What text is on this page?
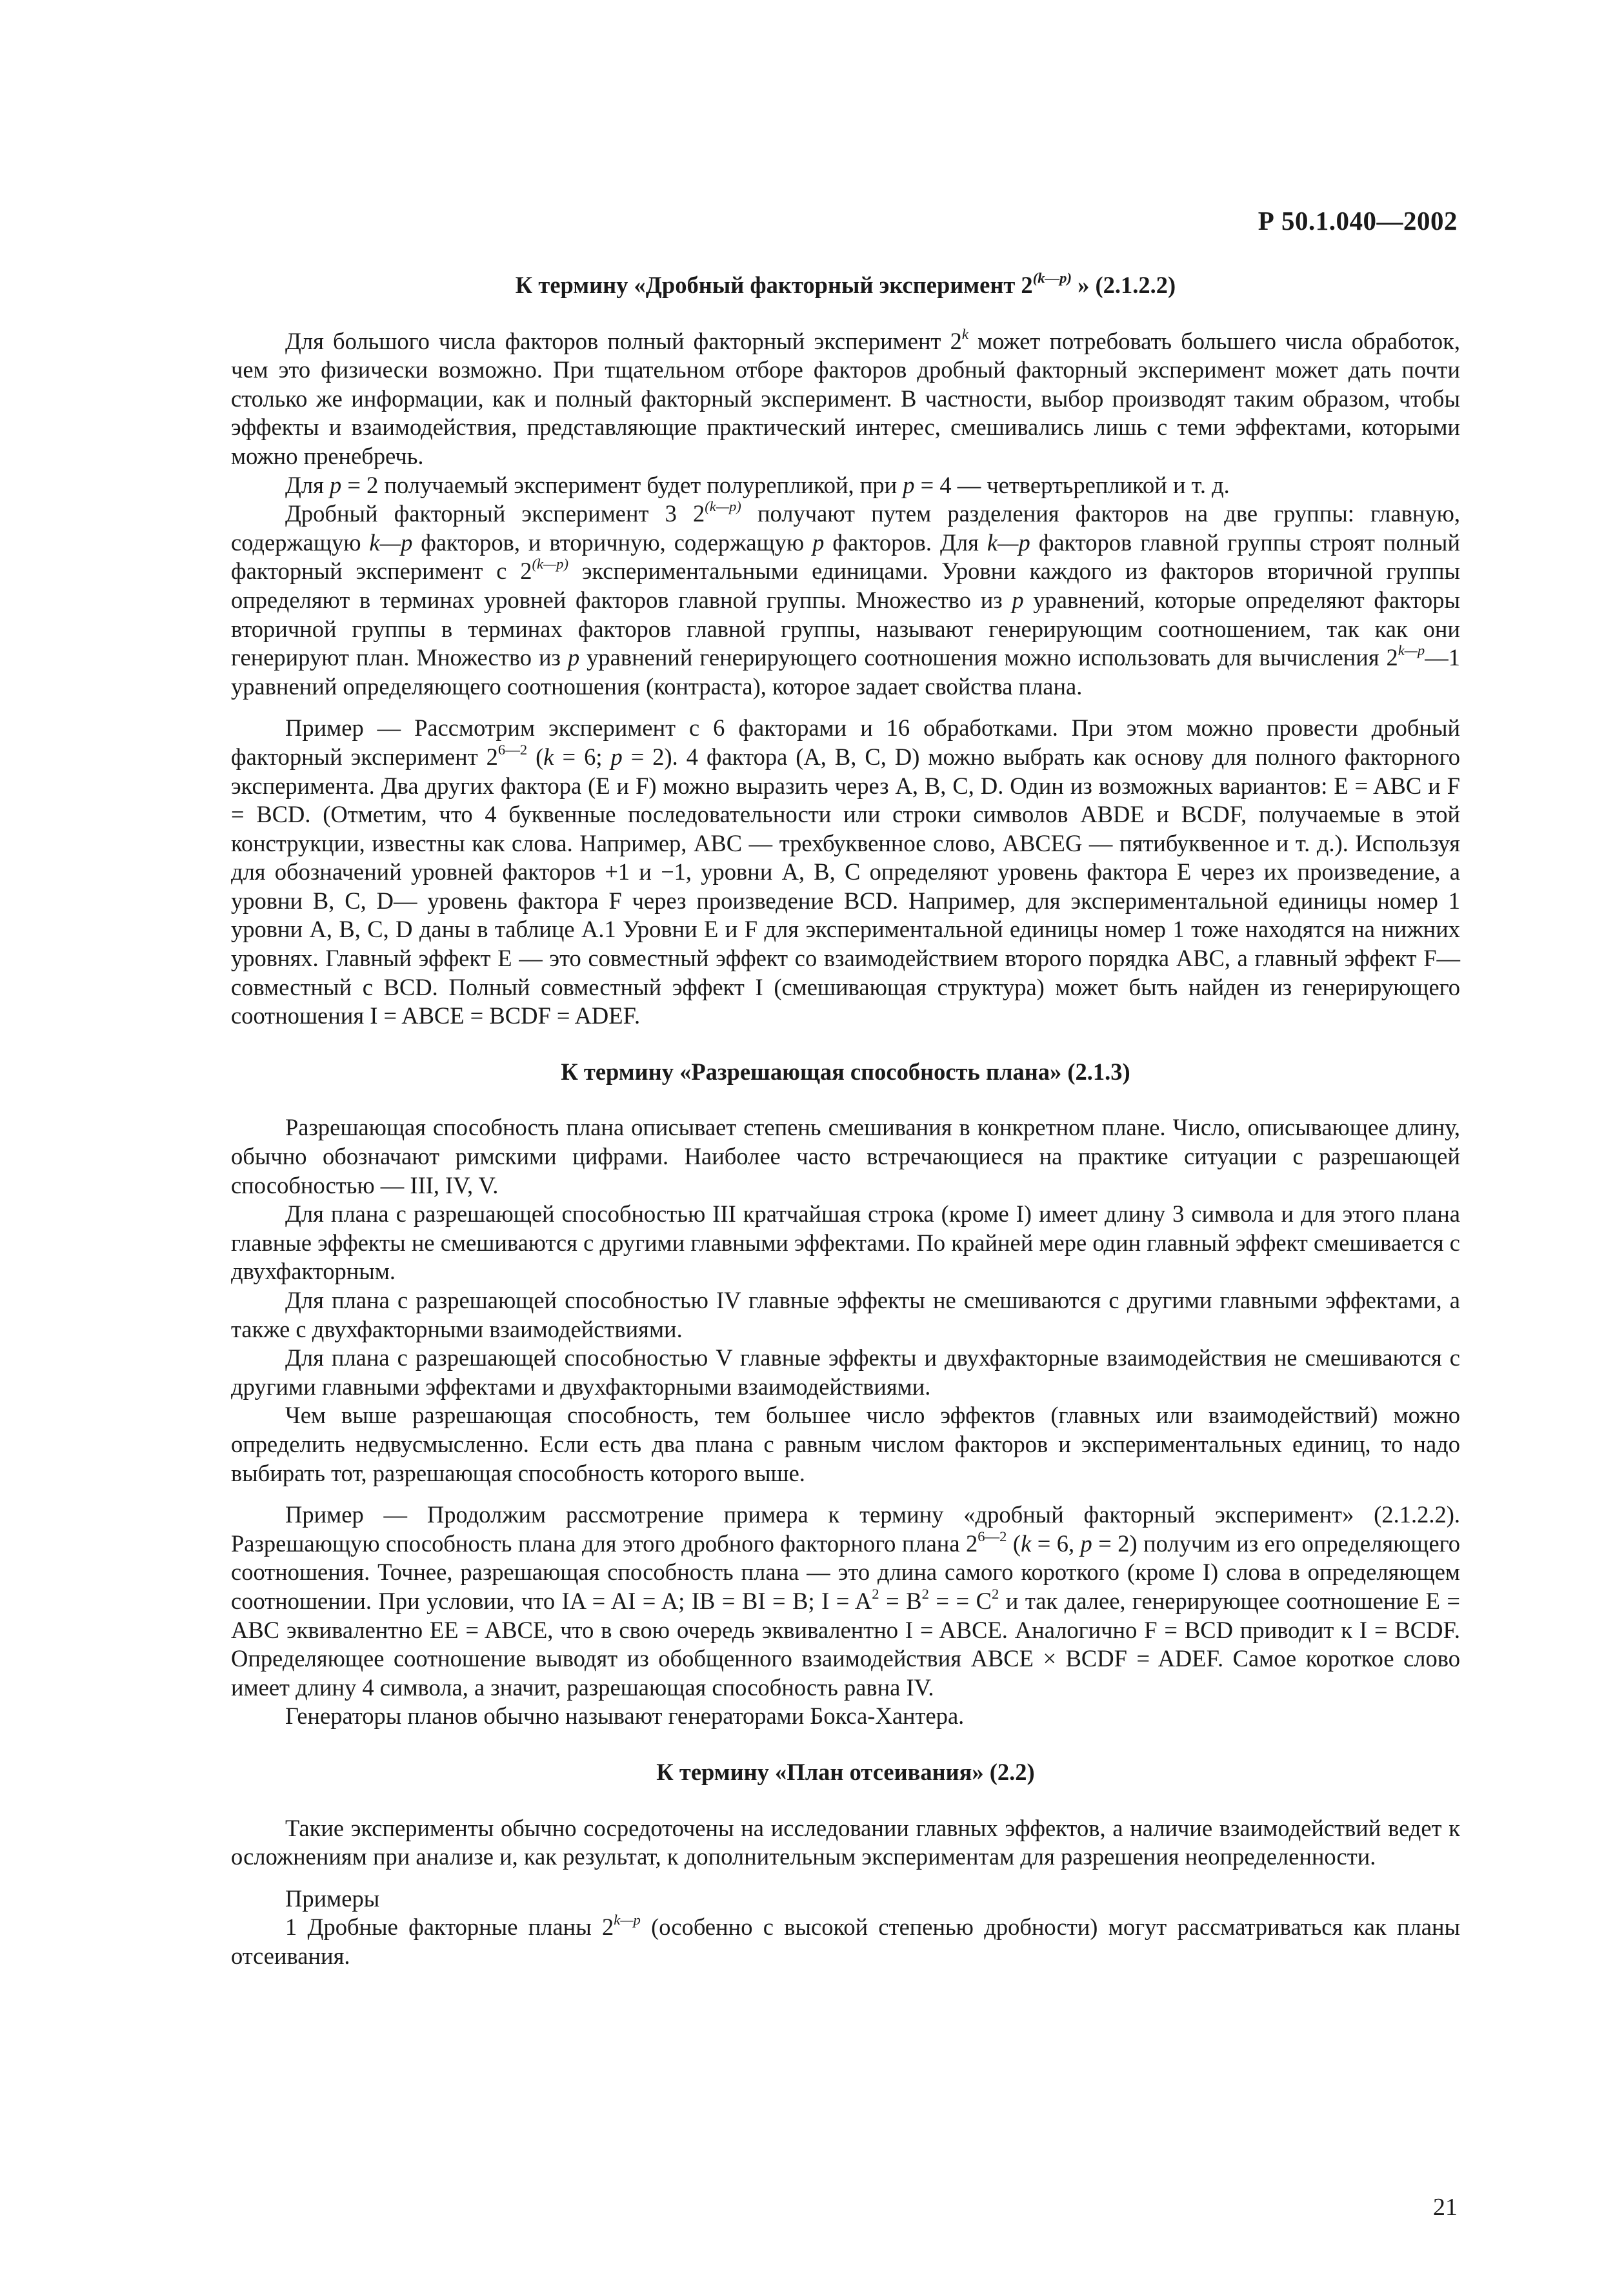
Р 50.1.040—2002
К термину «Дробный факторный эксперимент $2^{(k—p)}$ » (2.1.2.2)

Для большого числа факторов полный факторный эксперимент 2$^k$ может потребовать большего числа обработок, чем это физически возможно. При тщательном отборе факторов дробный факторный эксперимент может дать почти столько же информации, как и полный факторный эксперимент. В частности, выбор производят таким образом, чтобы эффекты и взаимодействия, представляющие практический интерес, смешивались лишь с теми эффектами, которыми можно пренебречь.

Для p = 2 получаемый эксперимент будет полурепликой, при p = 4 — четвертьрепликой и т. д.

Дробный факторный эксперимент 3 $2^{(k—p)}$ получают путем разделения факторов на две группы: главную, содержащую k—p факторов, и вторичную, содержащую p факторов. Для k—p факторов главной группы строят полный факторный эксперимент с $2^{(k—p)}$ экспериментальными единицами. Уровни каждого из факторов вторичной группы определяют в терминах уровней факторов главной группы. Множество из p уравнений, которые определяют факторы вторичной группы в терминах факторов главной группы, называют генерирующим соотношением, так как они генерируют план. Множество из p уравнений генерирующего соотношения можно использовать для вычисления $2^{k—p}—1$ уравнений определяющего соотношения (контраста), которое задает свойства плана.

Пример — Рассмотрим эксперимент с 6 факторами и 16 обработками. При этом можно провести дробный факторный эксперимент $2^{6—2}$ (k = 6; p = 2). 4 фактора (A, B, C, D) можно выбрать как основу для полного факторного эксперимента. Два других фактора (E и F) можно выразить через A, B, C, D. Один из возможных вариантов: E = ABC и F = BCD. (Отметим, что 4 буквенные последовательности или строки символов ABDE и BCDF, получаемые в этой конструкции, известны как слова. Например, ABC — трехбуквенное слово, ABCEG — пятибуквенное и т. д.). Используя для обозначений уровней факторов +1 и −1, уровни A, B, C определяют уровень фактора E через их произведение, а уровни B, C, D— уровень фактора F через произведение BCD. Например, для экспериментальной единицы номер 1 уровни A, B, C, D даны в таблице А.1 Уровни E и F для экспериментальной единицы номер 1 тоже находятся на нижних уровнях. Главный эффект E — это совместный эффект со взаимодействием второго порядка ABC, а главный эффект F— совместный с BCD. Полный совместный эффект I (смешивающая структура) может быть найден из генерирующего соотношения I = ABCE = BCDF = ADEF.

К термину «Разрешающая способность плана» (2.1.3)

Разрешающая способность плана описывает степень смешивания в конкретном плане. Число, описывающее длину, обычно обозначают римскими цифрами. Наиболее часто встречающиеся на практике ситуации с разрешающей способностью — III, IV, V.

Для плана с разрешающей способностью III кратчайшая строка (кроме I) имеет длину 3 символа и для этого плана главные эффекты не смешиваются с другими главными эффектами. По крайней мере один главный эффект смешивается с двухфакторным.

Для плана с разрешающей способностью IV главные эффекты не смешиваются с другими главными эффектами, а также с двухфакторными взаимодействиями.

Для плана с разрешающей способностью V главные эффекты и двухфакторные взаимодействия не смешиваются с другими главными эффектами и двухфакторными взаимодействиями.

Чем выше разрешающая способность, тем большее число эффектов (главных или взаимодействий) можно определить недвусмысленно. Если есть два плана с равным числом факторов и экспериментальных единиц, то надо выбирать тот, разрешающая способность которого выше.

Пример — Продолжим рассмотрение примера к термину «дробный факторный эксперимент» (2.1.2.2). Разрешающую способность плана для этого дробного факторного плана $2^{6—2}$ (k = 6, p = 2) получим из его определяющего соотношения. Точнее, разрешающая способность плана — это длина самого короткого (кроме I) слова в определяющем соотношении. При условии, что IA = AI = A; IB = BI = B; $I = A^2 = B^2$ = = $C^2$ и так далее, генерирующее соотношение E = ABC эквивалентно EE = ABCE, что в свою очередь эквивалентно I = ABCE. Аналогично F = BCD приводит к I = BCDF. Определяющее соотношение выводят из обобщенного взаимодействия ABCE × BCDF = ADEF. Самое короткое слово имеет длину 4 символа, а значит, разрешающая способность равна IV.

Генераторы планов обычно называют генераторами Бокса-Хантера.

К термину «План отсеивания» (2.2)

Такие эксперименты обычно сосредоточены на исследовании главных эффектов, а наличие взаимодействий ведет к осложнениям при анализе и, как результат, к дополнительным экспериментам для разрешения неопределенности.

Примеры

1 Дробные факторные планы $2^{k—p}$ (особенно с высокой степенью дробности) могут рассматриваться как планы отсеивания.

21
